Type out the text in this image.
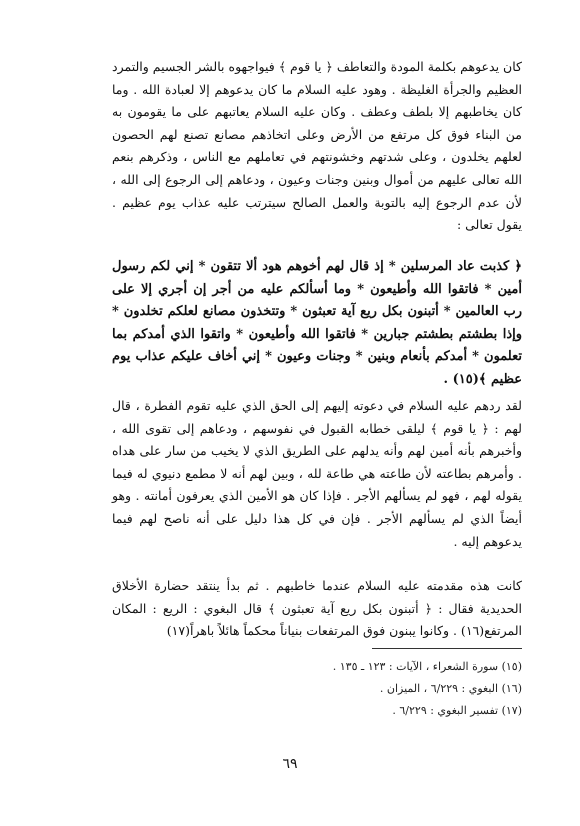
كان يدعوهم بكلمة المودة والتعاطف ﴿ يا قوم ﴾ فيواجهوه بالشر الجسيم والتمرد العظيم والجرأة الغليظة . وهود عليه السلام ما كان يدعوهم إلا لعبادة الله . وما كان يخاطبهم إلا بلطف وعطف . وكان عليه السلام يعاتبهم على ما يقومون به من البناء فوق كل مرتفع من الأرض وعلى اتخاذهم مصانع تصنع لهم الحصون لعلهم يخلدون ، وعلى شدتهم وخشونتهم في تعاملهم مع الناس ، وذكرهم بنعم الله تعالى عليهم من أموال وبنين وجنات وعيون ، ودعاهم إلى الرجوع إلى الله ، لأن عدم الرجوع إليه بالتوبة والعمل الصالح سيترتب عليه عذاب يوم عظيم . يقول تعالى :

﴿ كذبت عاد المرسلين * إذ قال لهم أخوهم هود ألا تتقون * إني لكم رسول أمين * فاتقوا الله وأطيعون * وما أسألكم عليه من أجر إن أجري إلا على رب العالمين * أتبنون بكل ريع آية تعبثون * وتتخذون مصانع لعلكم تخلدون * وإذا بطشتم بطشتم جبارين * فاتقوا الله وأطيعون * واتقوا الذي أمدكم بما تعلمون * أمدكم بأنعام وبنين * وجنات وعيون * إني أخاف عليكم عذاب يوم عظيم ﴾(١٥) .

لقد ردهم عليه السلام في دعوته إليهم إلى الحق الذي عليه تقوم الفطرة ، قال لهم : ﴿ يا قوم ﴾ ليلقى خطابه القبول في نفوسهم ، ودعاهم إلى تقوى الله ، وأخبرهم بأنه أمين لهم وأنه يدلهم على الطريق الذي لا يخيب من سار على هداه . وأمرهم بطاعته لأن طاعته هي طاعة لله ، وبين لهم أنه لا مطمع دنيوي له فيما يقوله لهم ، فهو لم يسألهم الأجر . فإذا كان هو الأمين الذي يعرفون أمانته . وهو أيضاً الذي لم يسألهم الأجر . فإن في كل هذا دليل على أنه ناصح لهم فيما يدعوهم إليه .

كانت هذه مقدمته عليه السلام عندما خاطبهم . ثم بدأ ينتقد حضارة الأخلاق الحديدية فقال : ﴿ أتبنون بكل ريع آية تعبثون ﴾ قال البغوي : الريع : المكان المرتفع(١٦) . وكانوا يبنون فوق المرتفعات بنياناً محكماً هائلاً باهراً(١٧)

(١٥) سورة الشعراء ، الآيات : ١٢٣ ـ ١٣٥ .
(١٦) البغوي : ٦/٢٢٩ ، الميزان .
(١٧) تفسير البغوي : ٦/٢٢٩ .
٦٩
